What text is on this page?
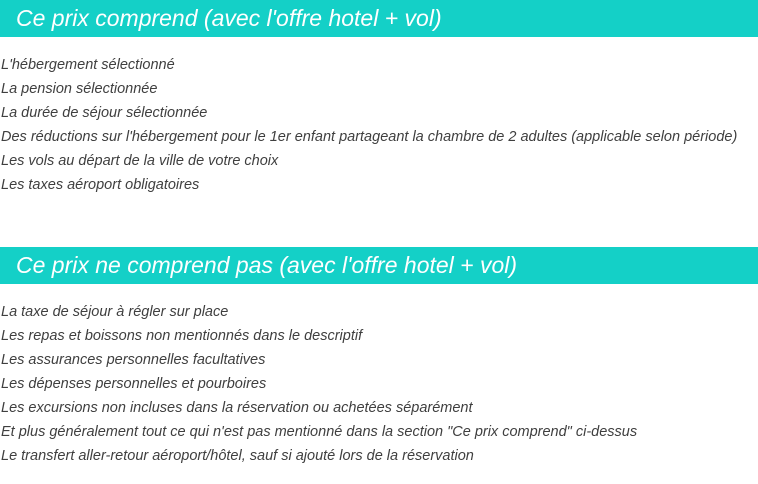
Ce prix comprend (avec l'offre hotel + vol)
L'hébergement sélectionné
La pension sélectionnée
La durée de séjour sélectionnée
Des réductions sur l'hébergement pour le 1er enfant partageant la chambre de 2 adultes (applicable selon période)
Les vols au départ de la ville de votre choix
Les taxes aéroport obligatoires
Ce prix ne comprend pas (avec l'offre hotel + vol)
La taxe de séjour à régler sur place
Les repas et boissons non mentionnés dans le descriptif
Les assurances personnelles facultatives
Les dépenses personnelles et pourboires
Les excursions non incluses dans la réservation ou achetées séparément
Et plus généralement tout ce qui n'est pas mentionné dans la section "Ce prix comprend" ci-dessus
Le transfert aller-retour aéroport/hôtel, sauf si ajouté lors de la réservation
